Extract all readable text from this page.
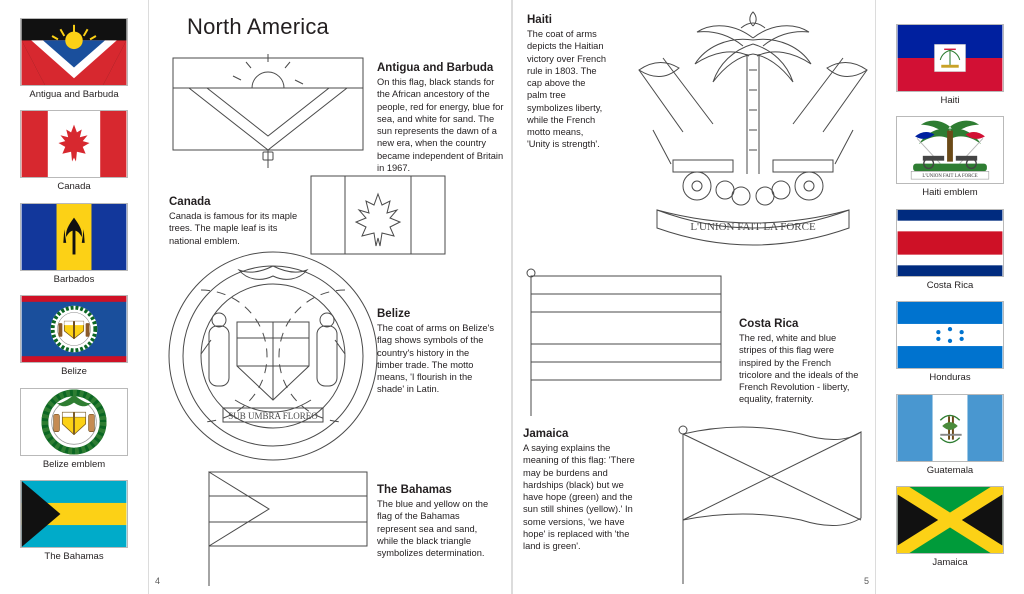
Antigua and Barbuda
Canada
Barbados
Belize
Belize emblem
The Bahamas
North America
Antigua and Barbuda

On this flag, black stands for the African ancestory of the people, red for energy, blue for sea, and white for sand. The sun represents the dawn of a new era, when the country became independent of Britain in 1967.

Canada

Canada is famous for its maple trees. The maple leaf is its national emblem.

SUB UMBRA FLOREO
Belize

The coat of arms on Belize's flag shows symbols of the country's history in the timber trade. The motto means, 'I flourish in the shade' in Latin.

The Bahamas

The blue and yellow on the flag of the Bahamas represent sea and sand, while the black triangle symbolizes determination.

4
Haiti

The coat of arms depicts the Haitian victory over French rule in 1803. The cap above the palm tree symbolizes liberty, while the French motto means, 'Unity is strength'.

L'UNION FAIT LA FORCE
Costa Rica

The red, white and blue stripes of this flag were inspired by the French tricolore and the ideals of the French Revolution - liberty, equality, fraternity.

Jamaica

A saying explains the meaning of this flag: 'There may be burdens and hardships (black) but we have hope (green) and the sun still shines (yellow).' In some versions, 'we have hope' is replaced with 'the land is green'.

5
Haiti
L'UNION FAIT LA FORCE
Haiti emblem
Costa Rica
Honduras
Guatemala
Jamaica
